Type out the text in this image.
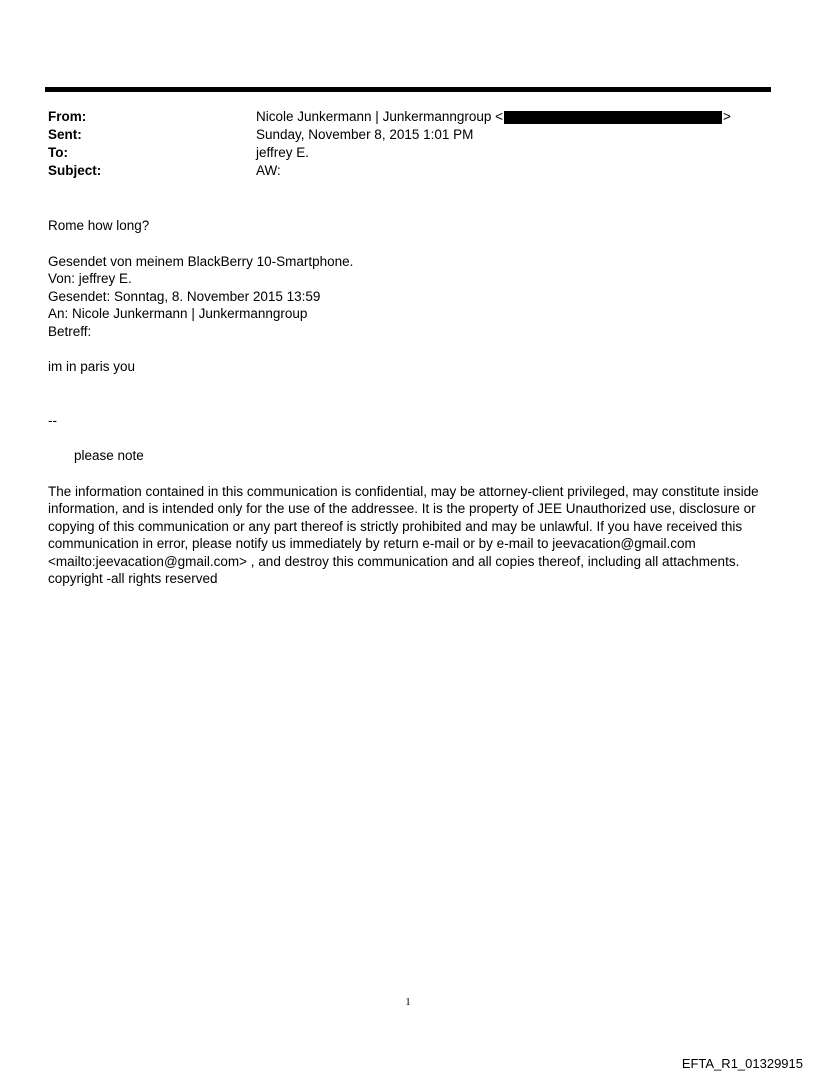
From:	Nicole Junkermann | Junkermanngroup <	>
Sent:	Sunday, November 8, 2015 1:01 PM
To:	jeffrey E.
Subject:	AW:

Rome how long?

Gesendet von meinem BlackBerry 10-Smartphone.

Von: jeffrey E.

Gesendet: Sonntag, 8. November 2015 13:59

An: Nicole Junkermann | Junkermanngroup

Betreff:

im in paris you

--

please note

The information contained in this communication is confidential, may be attorney-client privileged, may constitute inside information, and is intended only for the use of the addressee. It is the property of JEE Unauthorized use, disclosure or copying of this communication or any part thereof is strictly prohibited and may be unlawful. If you have received this communication in error, please notify us immediately by return e-mail or by e-mail to jeevacation@gmail.com <mailto:jeevacation@gmail.com> , and destroy this communication and all copies thereof, including all attachments. copyright -all rights reserved

1
EFTA_R1_01329915
